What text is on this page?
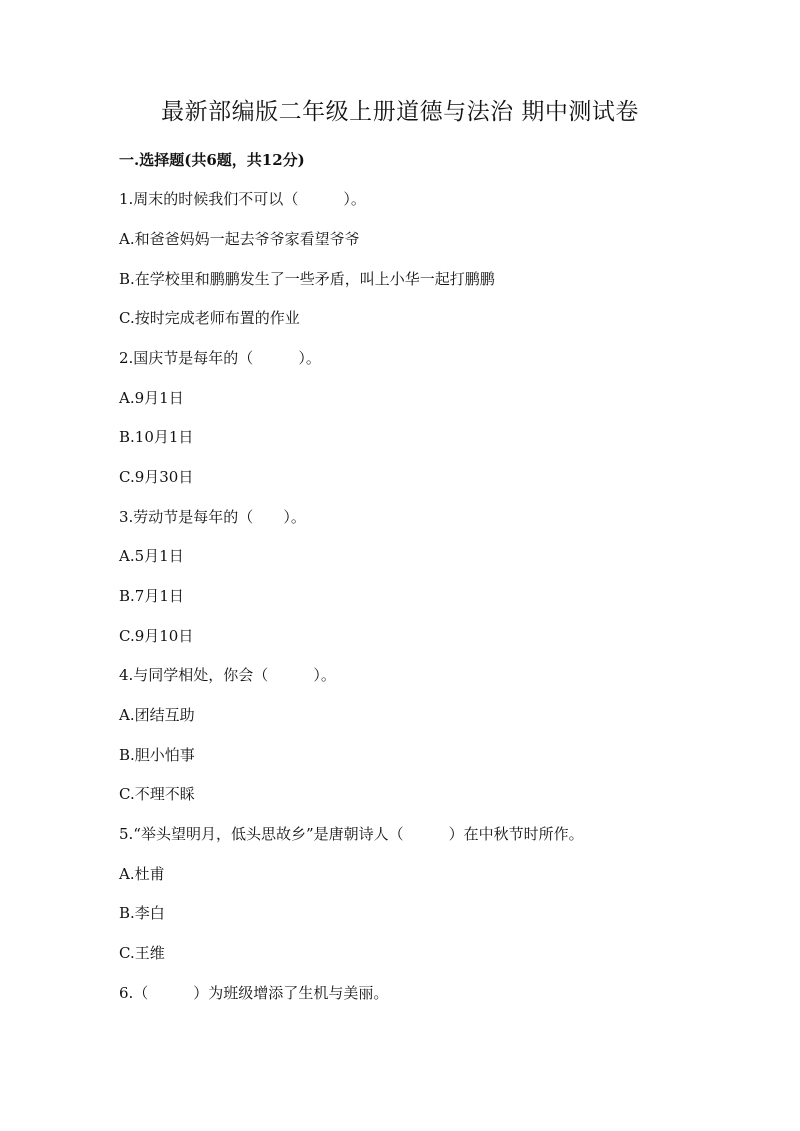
最新部编版二年级上册道德与法治 期中测试卷
一.选择题(共6题，共12分)
1.周末的时候我们不可以（　　　）。
A.和爸爸妈妈一起去爷爷家看望爷爷
B.在学校里和鹏鹏发生了一些矛盾，叫上小华一起打鹏鹏
C.按时完成老师布置的作业
2.国庆节是每年的（　　　）。
A.9月1日
B.10月1日
C.9月30日
3.劳动节是每年的（　　）。
A.5月1日
B.7月1日
C.9月10日
4.与同学相处，你会（　　　）。
A.团结互助
B.胆小怕事
C.不理不睬
5.“举头望明月，低头思故乡”是唐朝诗人（　　　）在中秋节时所作。
A.杜甫
B.李白
C.王维
6.（　　　）为班级增添了生机与美丽。
